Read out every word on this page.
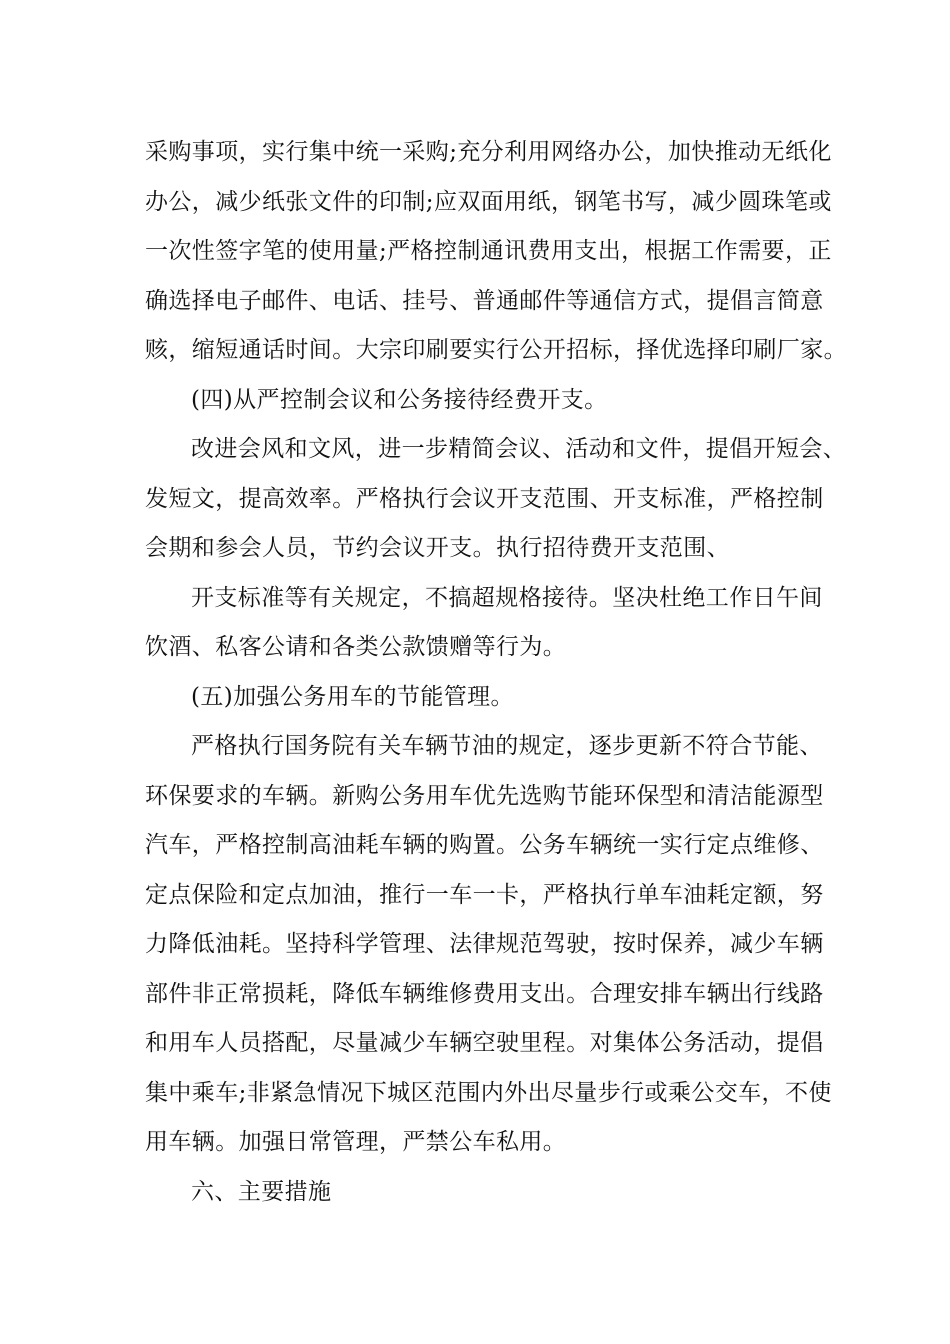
采购事项，实行集中统一采购;充分利用网络办公，加快推动无纸化
办公，减少纸张文件的印制;应双面用纸，钢笔书写，减少圆珠笔或
一次性签字笔的使用量;严格控制通讯费用支出，根据工作需要，正
确选择电子邮件、电话、挂号、普通邮件等通信方式，提倡言简意
赅，缩短通话时间。大宗印刷要实行公开招标，择优选择印刷厂家。
(四)从严控制会议和公务接待经费开支。
改进会风和文风，进一步精简会议、活动和文件，提倡开短会、
发短文，提高效率。严格执行会议开支范围、开支标准，严格控制
会期和参会人员，节约会议开支。执行招待费开支范围、
开支标准等有关规定，不搞超规格接待。坚决杜绝工作日午间
饮酒、私客公请和各类公款馈赠等行为。
(五)加强公务用车的节能管理。
严格执行国务院有关车辆节油的规定，逐步更新不符合节能、
环保要求的车辆。新购公务用车优先选购节能环保型和清洁能源型
汽车，严格控制高油耗车辆的购置。公务车辆统一实行定点维修、
定点保险和定点加油，推行一车一卡，严格执行单车油耗定额，努
力降低油耗。坚持科学管理、法律规范驾驶，按时保养，减少车辆
部件非正常损耗，降低车辆维修费用支出。合理安排车辆出行线路
和用车人员搭配，尽量减少车辆空驶里程。对集体公务活动，提倡
集中乘车;非紧急情况下城区范围内外出尽量步行或乘公交车，不使
用车辆。加强日常管理，严禁公车私用。
六、主要措施
